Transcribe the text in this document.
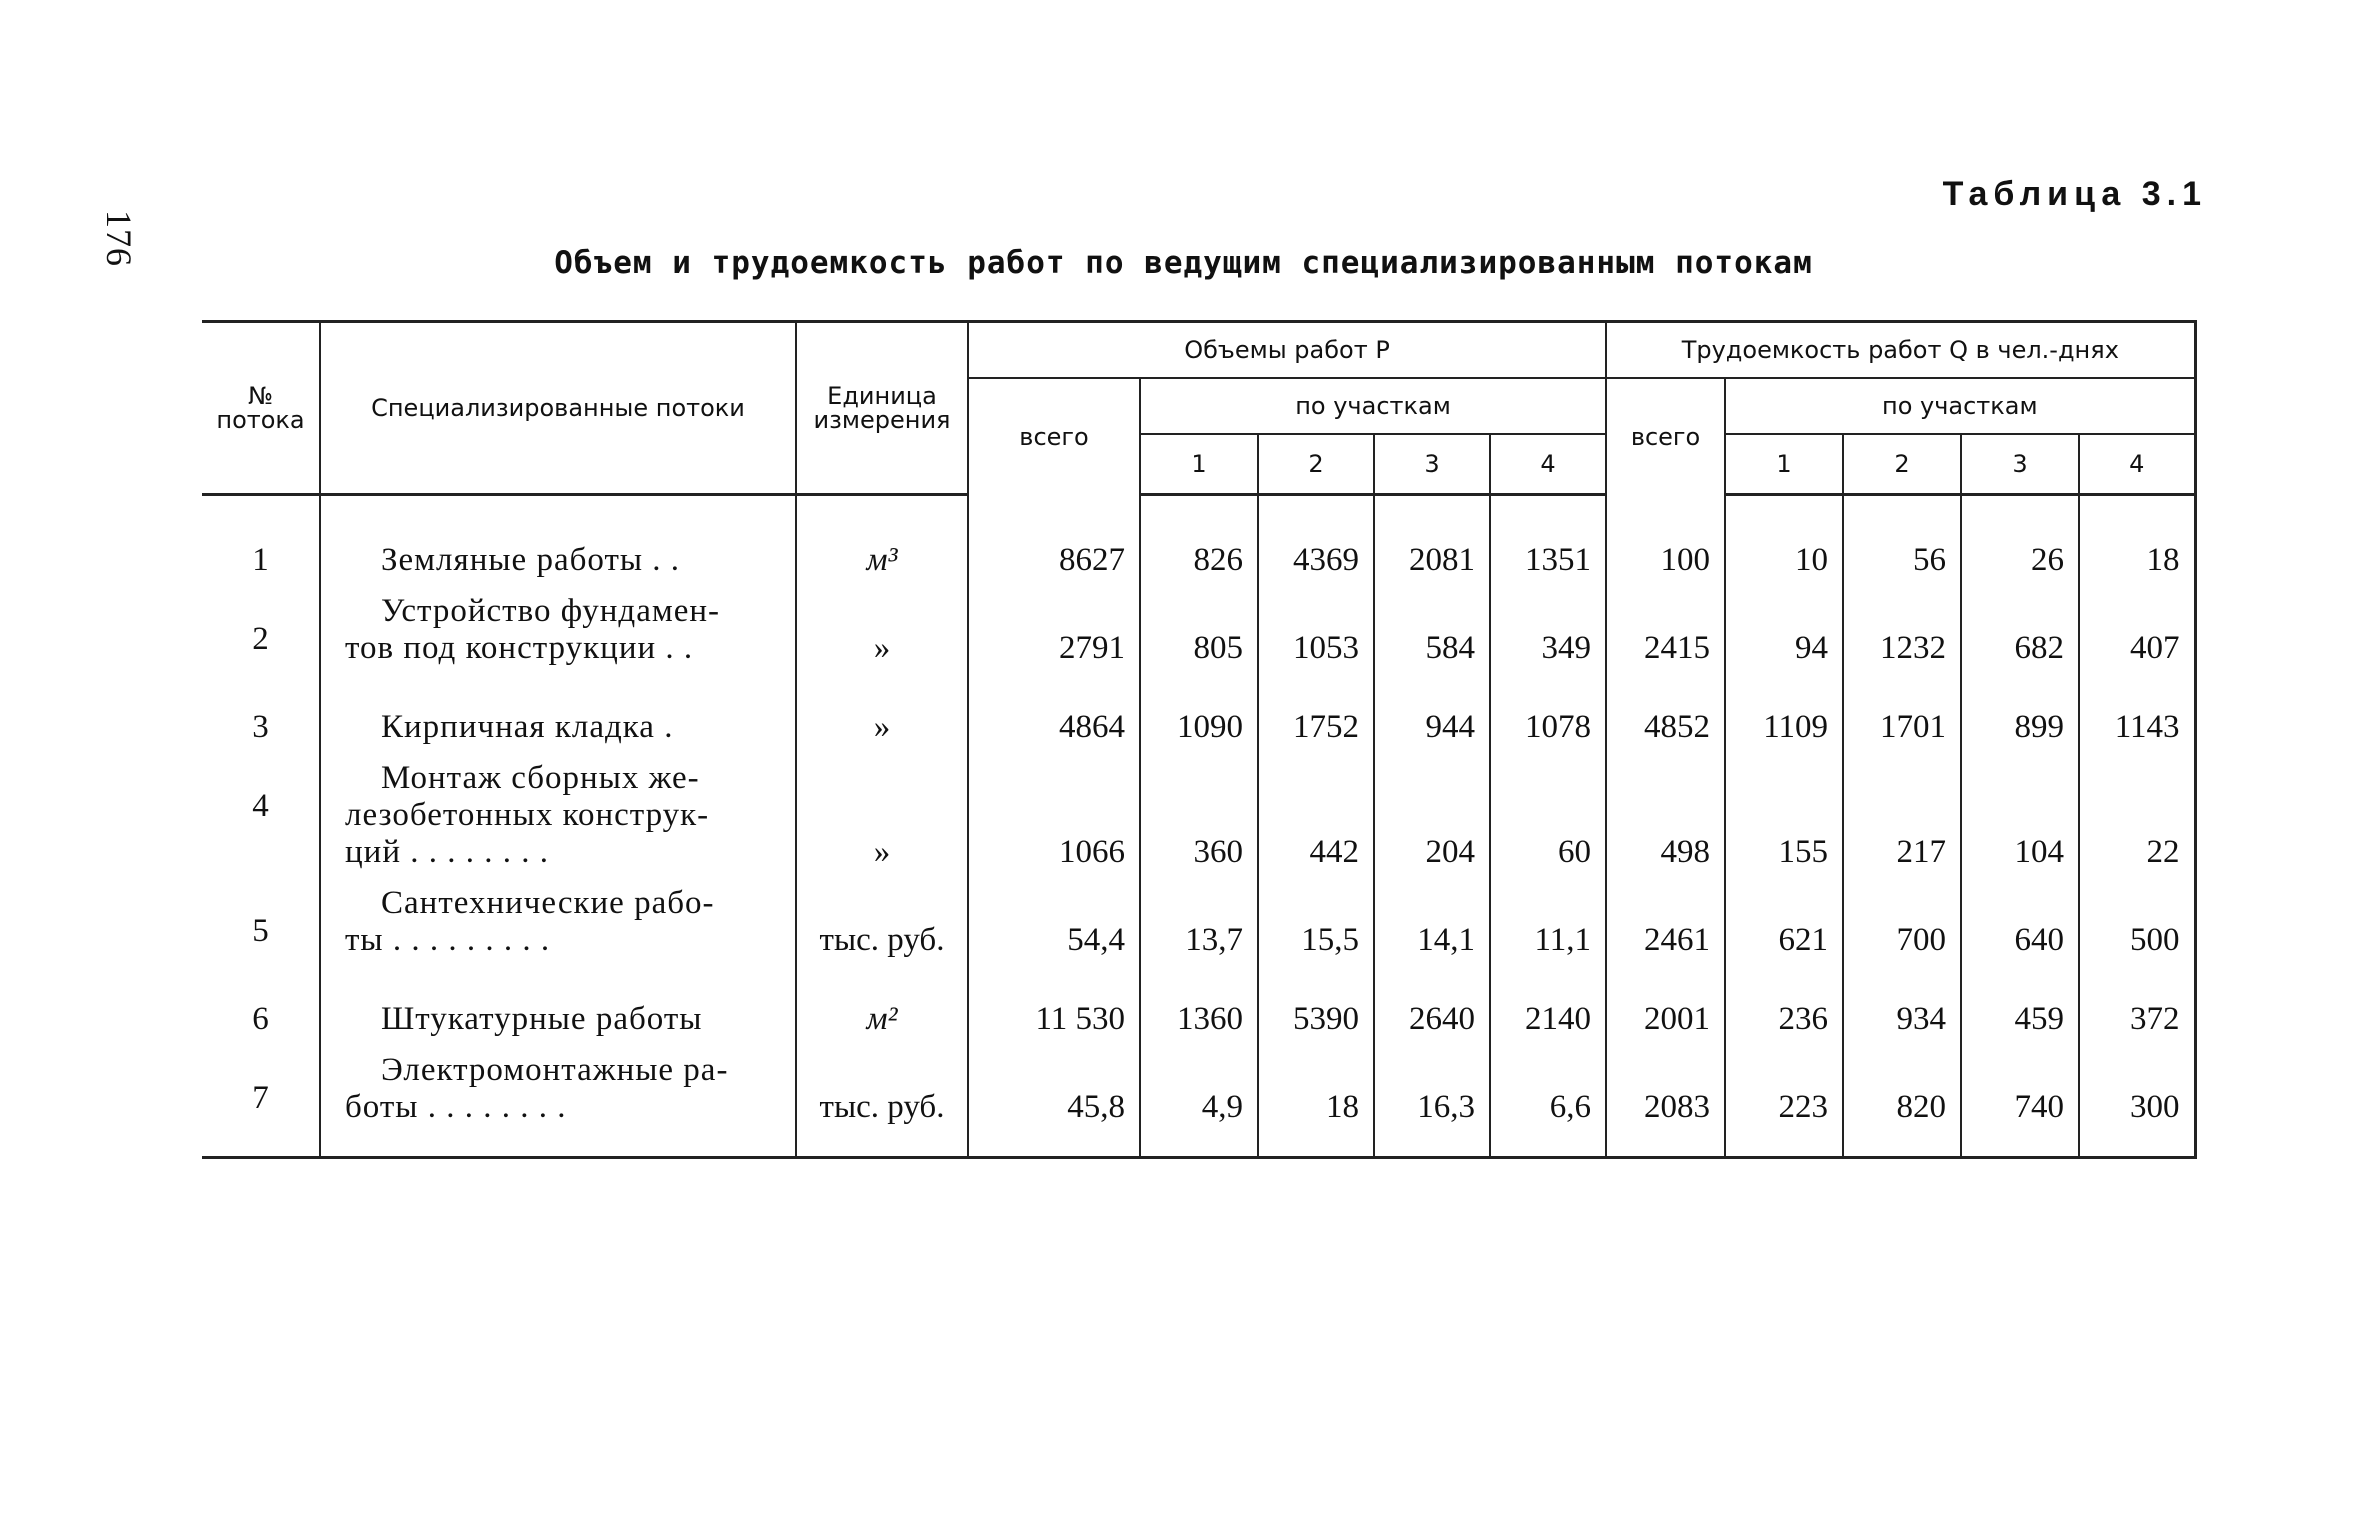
176
Таблица 3.1
Объем и трудоемкость работ по ведущим специализированным потокам
№ потока	Специализированные потоки	Единица измерения	Объемы работ P					Трудоемкость работ Q в чел.-днях				
			всего	по участкам				всего	по участкам			
				1	2	3	4		1	2	3	4
1	Земляные работы . .	м³	8627	826	4369	2081	1351	100	10	56	26	18
2	Устройство фундамен-
тов под конструкции . .	»	2791	805	1053	584	349	2415	94	1232	682	407
3	Кирпичная кладка .	»	4864	1090	1752	944	1078	4852	1109	1701	899	1143
4	Монтаж сборных же-
лезобетонных конструк-
ций . . . . . . . .	»	1066	360	442	204	60	498	155	217	104	22
5	Сантехнические рабо-
ты . . . . . . . . .	тыс. руб.	54,4	13,7	15,5	14,1	11,1	2461	621	700	640	500
6	Штукатурные работы	м²	11 530	1360	5390	2640	2140	2001	236	934	459	372
7	Электромонтажные ра-
боты . . . . . . . .	тыс. руб.	45,8	4,9	18	16,3	6,6	2083	223	820	740	300
